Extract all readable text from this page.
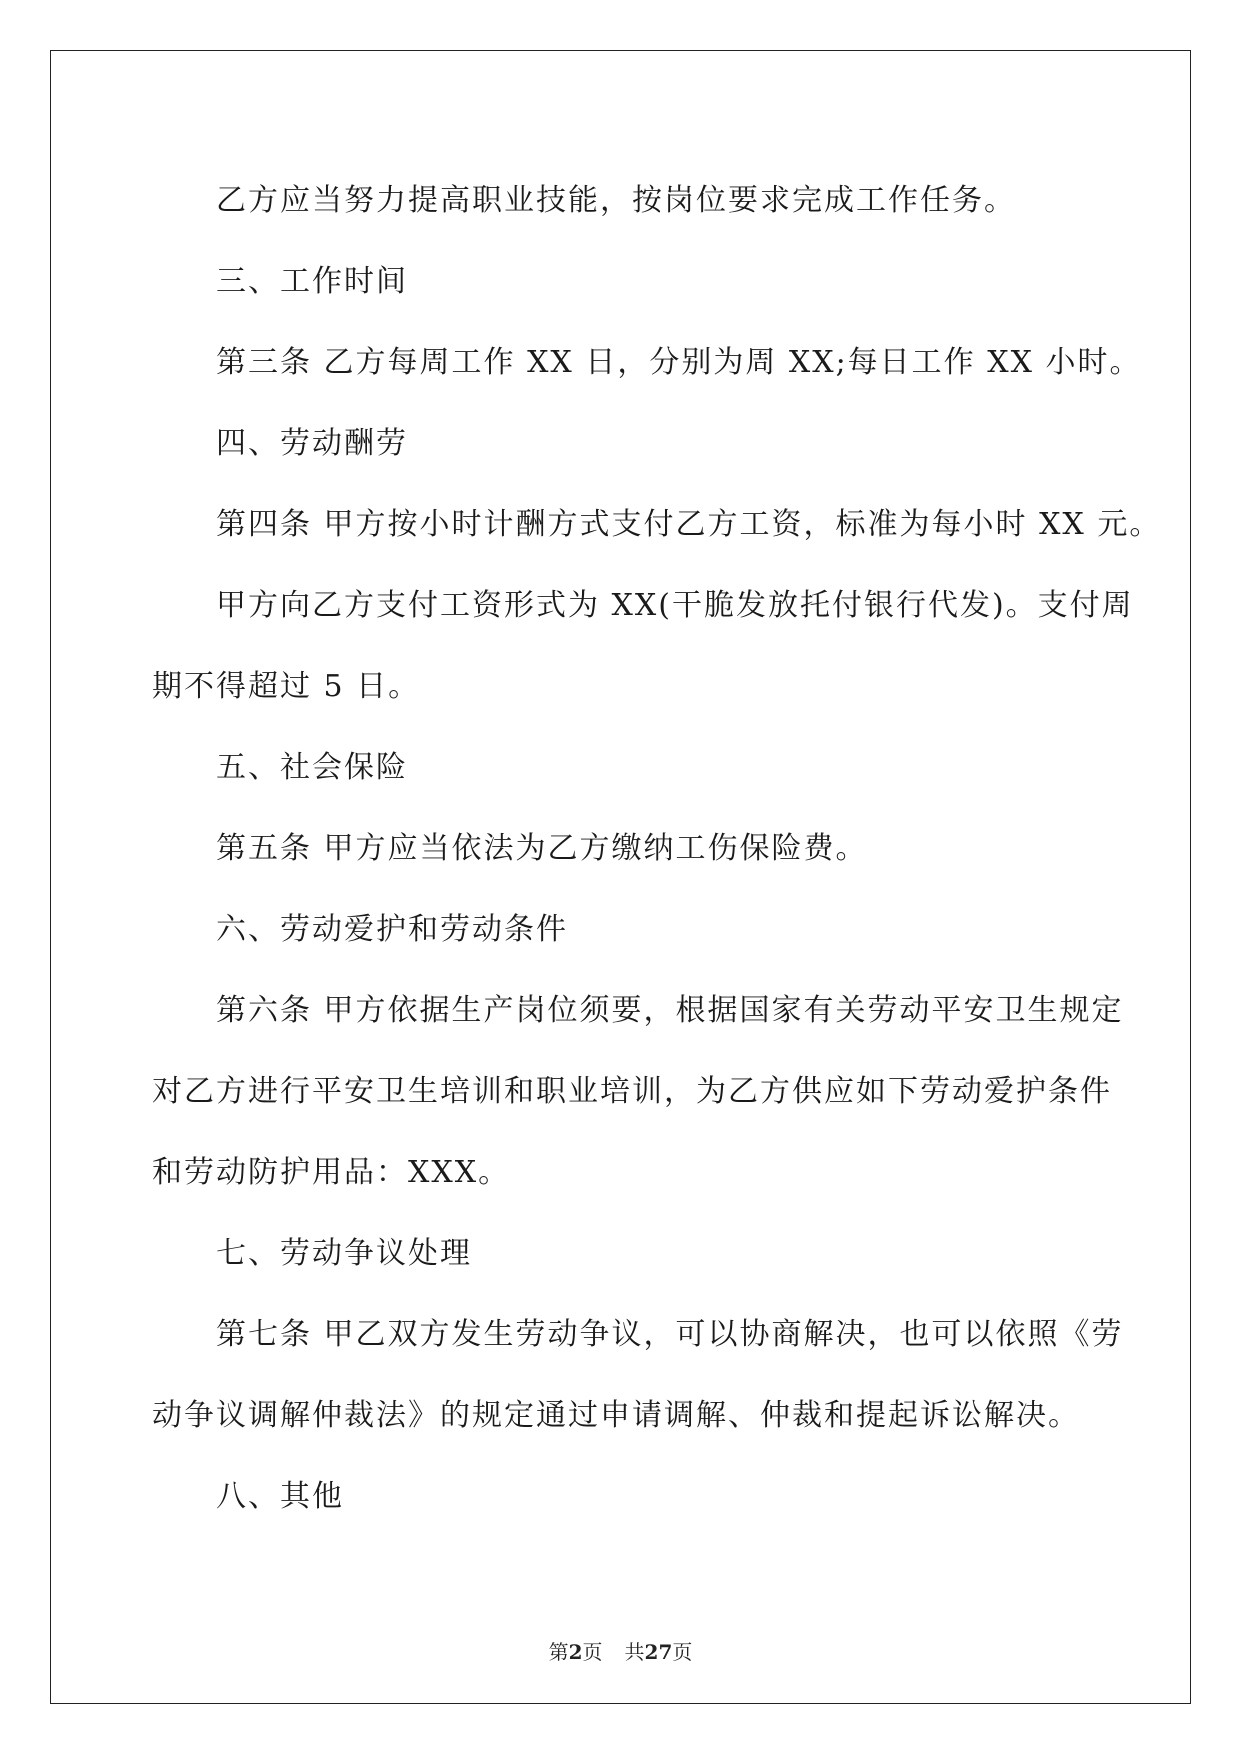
乙方应当努力提高职业技能，按岗位要求完成工作任务。

三、工作时间

第三条 乙方每周工作 XX 日，分别为周 XX;每日工作 XX 小时。

四、劳动酬劳

第四条 甲方按小时计酬方式支付乙方工资，标准为每小时 XX 元。

甲方向乙方支付工资形式为 XX(干脆发放托付银行代发)。支付周

期不得超过 5 日。

五、社会保险

第五条 甲方应当依法为乙方缴纳工伤保险费。

六、劳动爱护和劳动条件

第六条 甲方依据生产岗位须要，根据国家有关劳动平安卫生规定

对乙方进行平安卫生培训和职业培训，为乙方供应如下劳动爱护条件

和劳动防护用品：XXX。

七、劳动争议处理

第七条 甲乙双方发生劳动争议，可以协商解决，也可以依照《劳

动争议调解仲裁法》的规定通过申请调解、仲裁和提起诉讼解决。

八、其他

第2页 共27页
